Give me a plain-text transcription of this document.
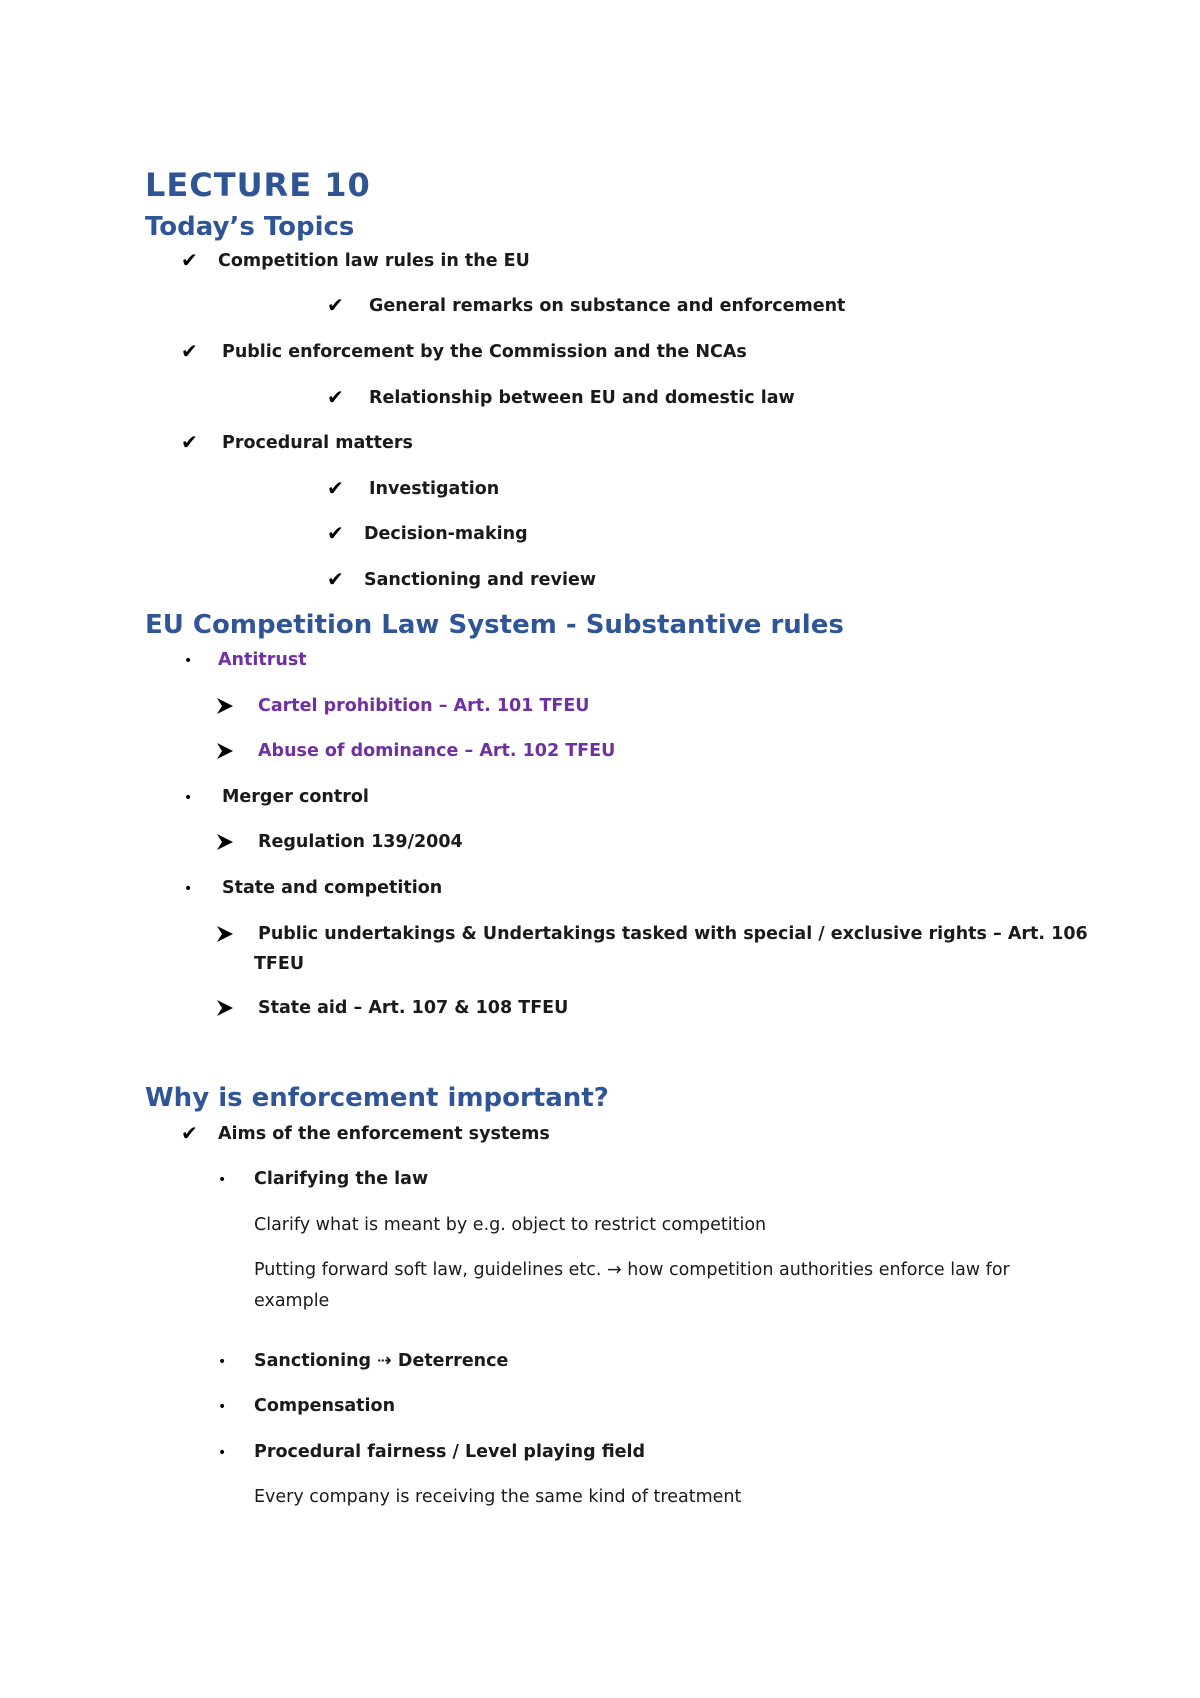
LECTURE 10
Today’s Topics
✔ Competition law rules in the EU
✔ General remarks on substance and enforcement
✔ Public enforcement by the Commission and the NCAs
✔ Relationship between EU and domestic law
✔ Procedural matters
✔ Investigation
✔ Decision-making
✔ Sanctioning and review
EU Competition Law System - Substantive rules
• Antitrust
Cartel prohibition – Art. 101 TFEU
Abuse of dominance – Art. 102 TFEU
• Merger control
Regulation 139/2004
• State and competition
Public undertakings & Undertakings tasked with special / exclusive rights – Art. 106
TFEU
State aid – Art. 107 & 108 TFEU
Why is enforcement important?
✔ Aims of the enforcement systems
• Clarifying the law
Clarify what is meant by e.g. object to restrict competition
Putting forward soft law, guidelines etc. → how competition authorities enforce law for
example
• Sanctioning ⇢ Deterrence
• Compensation
• Procedural fairness / Level playing field
Every company is receiving the same kind of treatment
